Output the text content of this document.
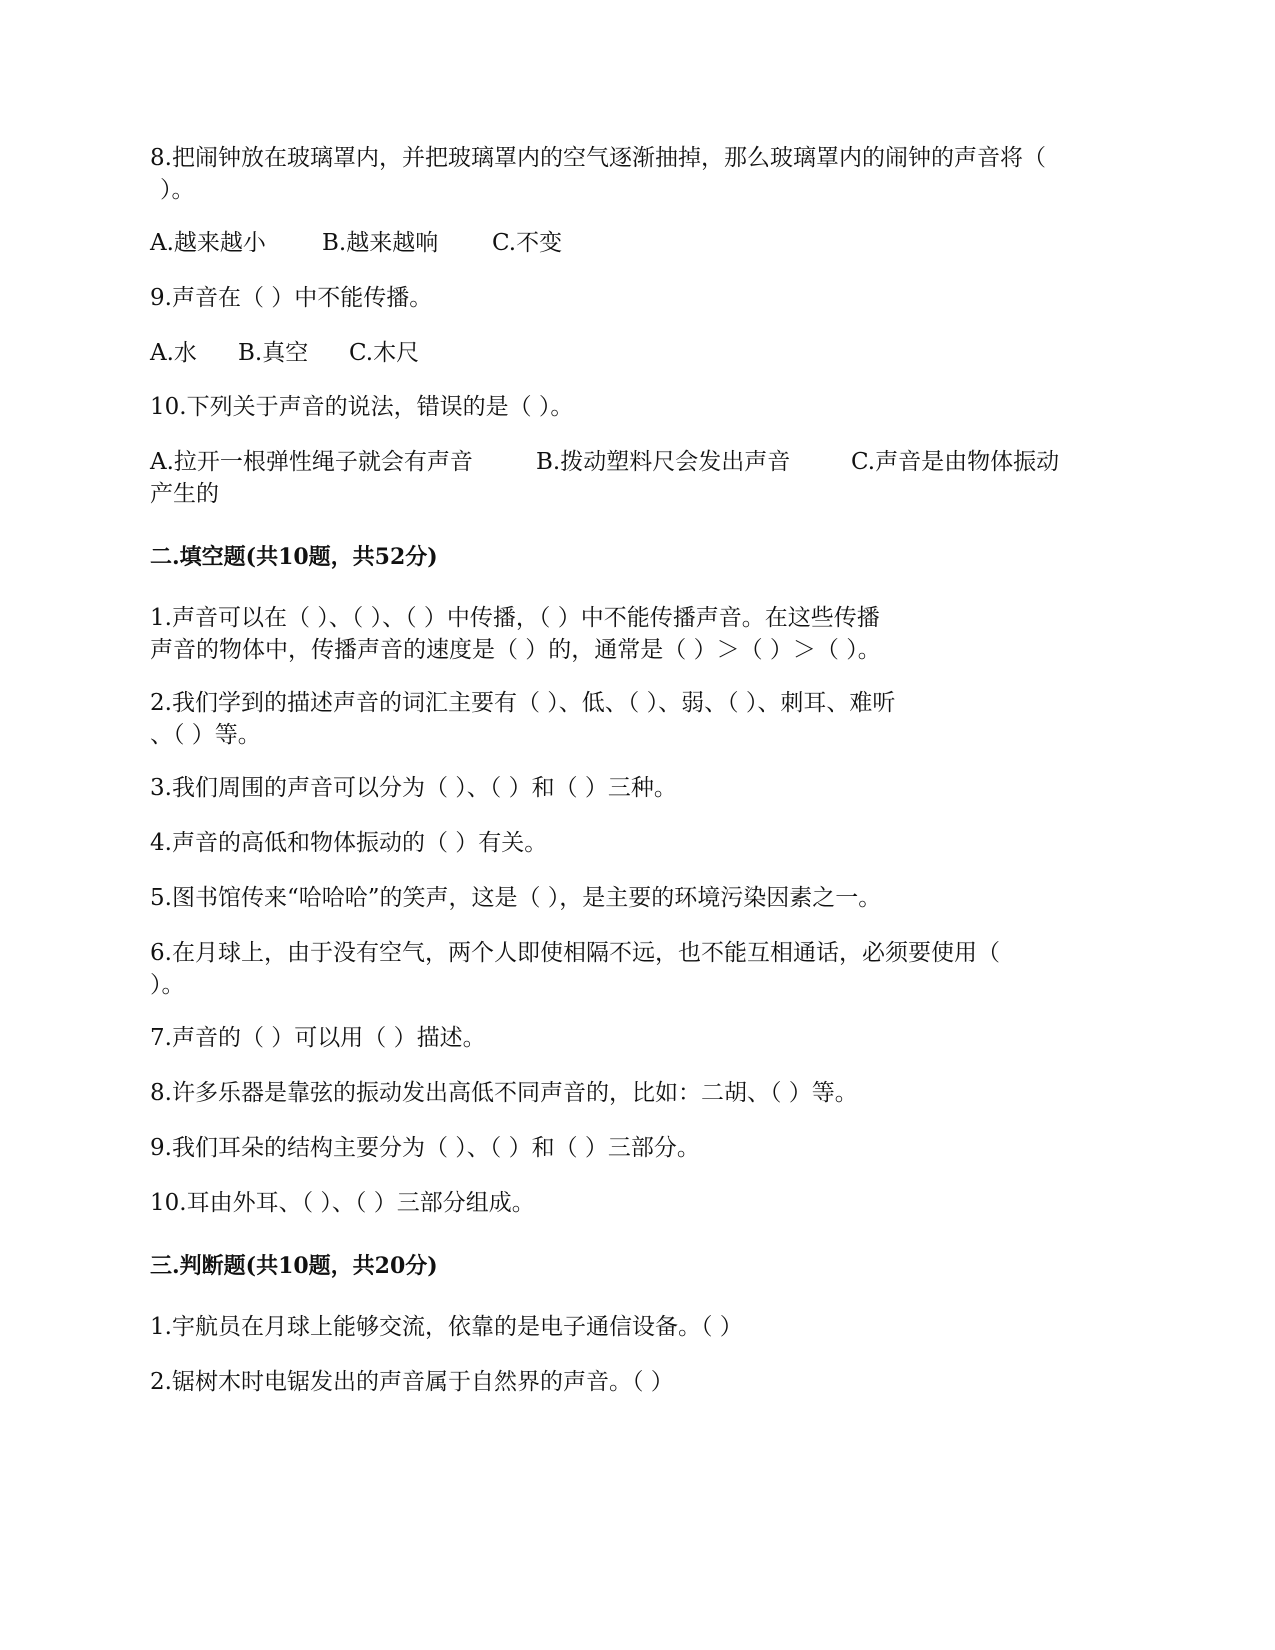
8.把闹钟放在玻璃罩内，并把玻璃罩内的空气逐渐抽掉，那么玻璃罩内的闹钟的声音将（
）。
A.越来越小 B.越来越响 C.不变
9.声音在（ ）中不能传播。
A.水 B.真空 C.木尺
10.下列关于声音的说法，错误的是（ ）。
A.拉开一根弹性绳子就会有声音	B.拨动塑料尺会发出声音	C.声音是由物体振动
产生的
二.填空题(共10题，共52分)
1.声音可以在（ ）、（ ）、（ ）中传播，（ ）中不能传播声音。在这些传播
声音的物体中，传播声音的速度是（ ）的，通常是（ ）＞（ ）＞（ ）。
2.我们学到的描述声音的词汇主要有（ ）、低、（ ）、弱、（ ）、刺耳、难听
、（ ）等。
3.我们周围的声音可以分为（ ）、（ ）和（ ）三种。
4.声音的高低和物体振动的（ ）有关。
5.图书馆传来“哈哈哈”的笑声，这是（ ），是主要的环境污染因素之一。
6.在月球上，由于没有空气，两个人即使相隔不远，也不能互相通话，必须要使用（
）。
7.声音的（ ）可以用（ ）描述。
8.许多乐器是靠弦的振动发出高低不同声音的，比如：二胡、（ ）等。
9.我们耳朵的结构主要分为（ ）、（ ）和（ ）三部分。
10.耳由外耳、（ ）、（ ）三部分组成。
三.判断题(共10题，共20分)
1.宇航员在月球上能够交流，依靠的是电子通信设备。（ ）
2.锯树木时电锯发出的声音属于自然界的声音。（ ）
